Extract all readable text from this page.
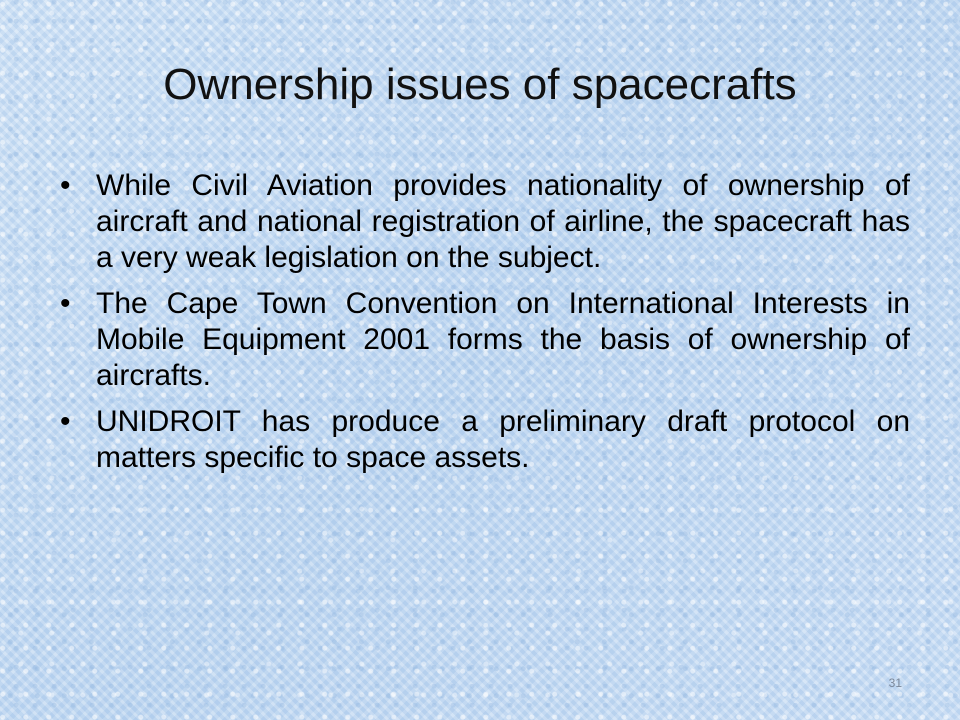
Ownership issues of spacecrafts
• While Civil Aviation provides nationality of ownership of aircraft and national registration of airline, the spacecraft has a very weak legislation on the subject.
• The Cape Town Convention on International Interests in Mobile Equipment 2001 forms the basis of ownership of aircrafts.
• UNIDROIT has produce a preliminary draft protocol on matters specific to space assets.
31
